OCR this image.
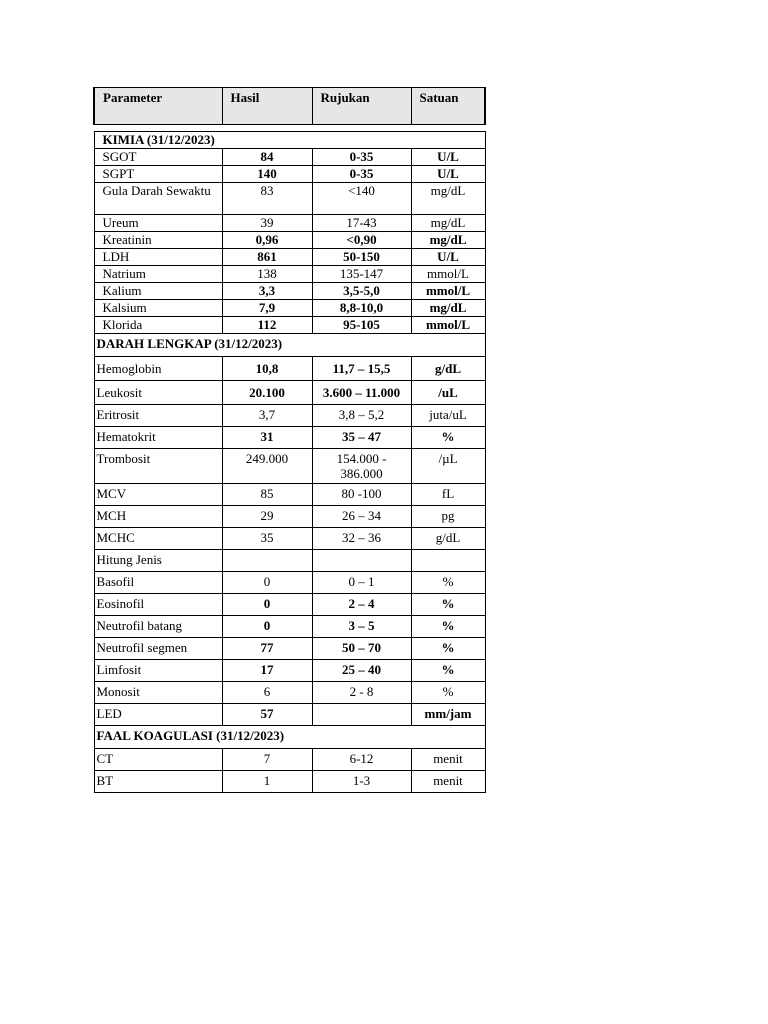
Parameter	Hasil	Rujukan	Satuan

KIMIA (31/12/2023)			
SGOT	84	0-35	U/L
SGPT	140	0-35	U/L
Gula Darah Sewaktu	83	<140	mg/dL
Ureum	39	17-43	mg/dL
Kreatinin	0,96	<0,90	mg/dL
LDH	861	50-150	U/L
Natrium	138	135-147	mmol/L
Kalium	3,3	3,5-5,0	mmol/L
Kalsium	7,9	8,8-10,0	mg/dL
Klorida	112	95-105	mmol/L
DARAH LENGKAP (31/12/2023)			
Hemoglobin	10,8	11,7 – 15,5	g/dL
Leukosit	20.100	3.600 – 11.000	/uL
Eritrosit	3,7	3,8 – 5,2	juta/uL
Hematokrit	31	35 – 47	%
Trombosit	249.000	154.000 - 386.000	/µL
MCV	85	80 -100	fL
MCH	29	26 – 34	pg
MCHC	35	32 – 36	g/dL
Hitung Jenis			
Basofil	0	0 – 1	%
Eosinofil	0	2 – 4	%
Neutrofil batang	0	3 – 5	%
Neutrofil segmen	77	50 – 70	%
Limfosit	17	25 – 40	%
Monosit	6	2 - 8	%
LED	57		mm/jam
FAAL KOAGULASI (31/12/2023)			
CT	7	6-12	menit
BT	1	1-3	menit
